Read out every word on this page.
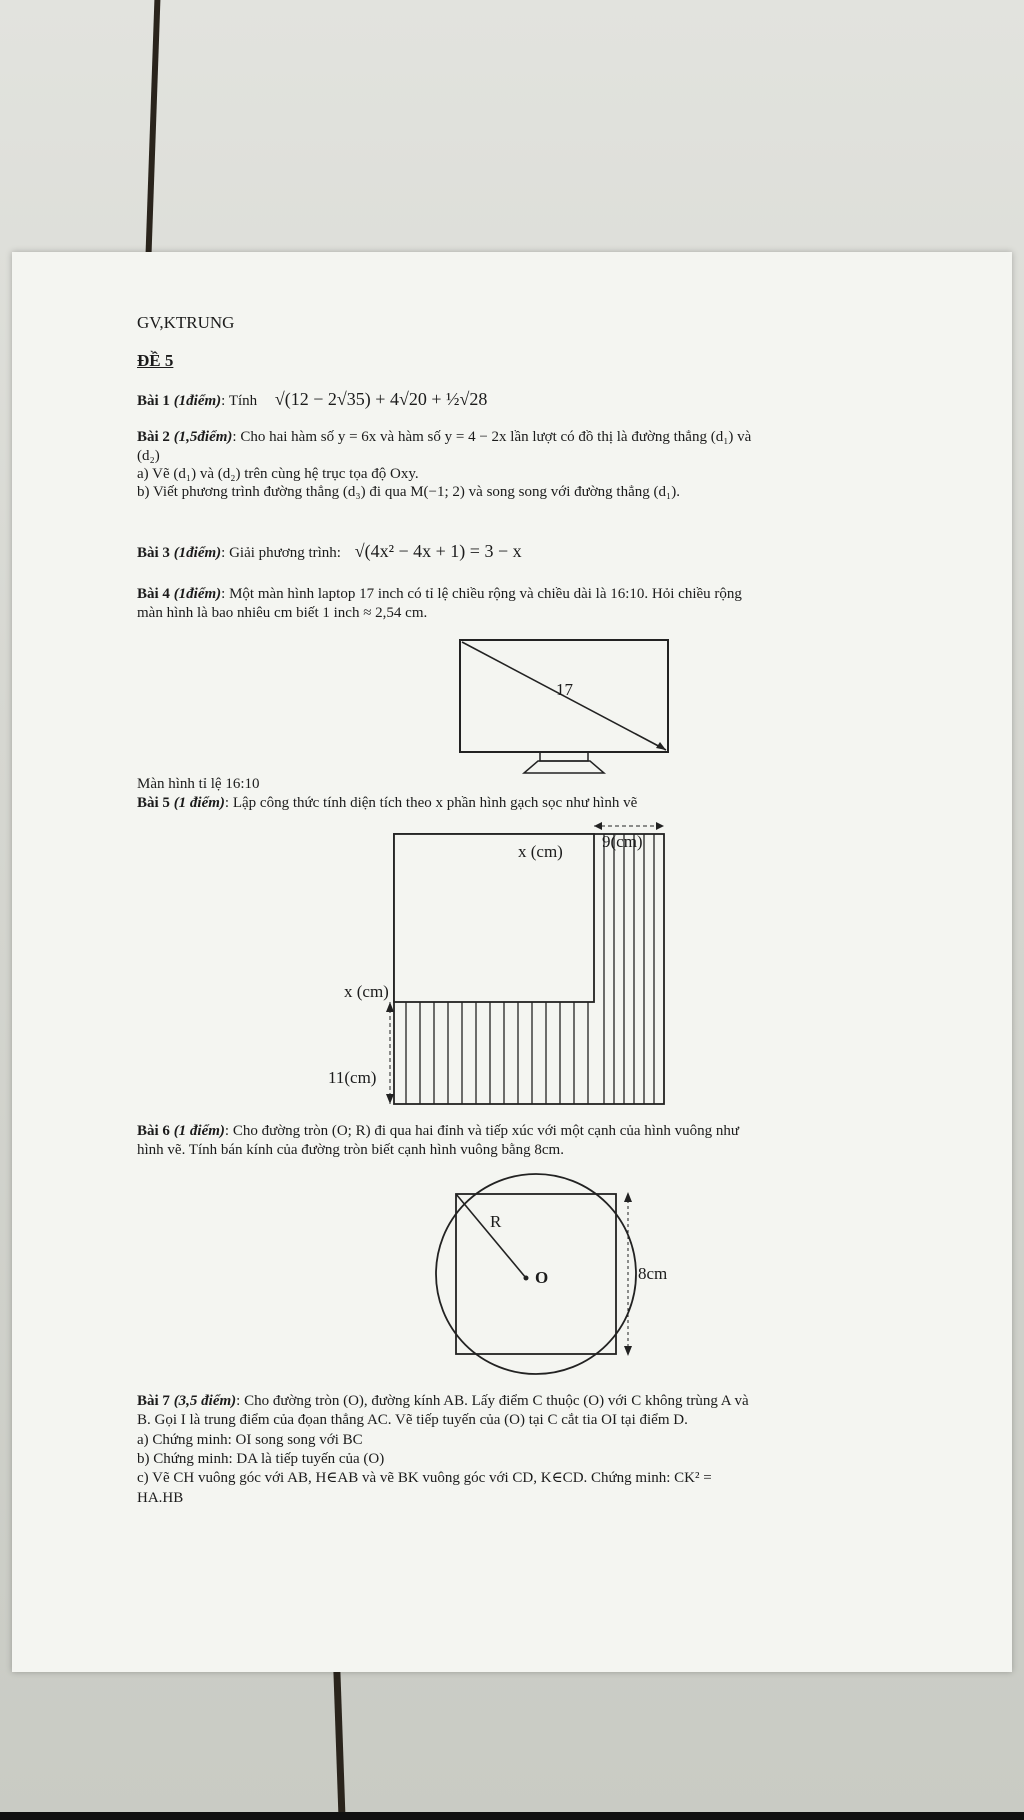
GV,KTRUNG
ĐỀ 5
Bài 1 (1điểm): Tính √(12 − 2√35) + 4√20 + ½√28
Bài 2 (1,5điểm): Cho hai hàm số y = 6x và hàm số y = 4 − 2x lần lượt có đồ thị là đường thẳng (d₁) và
(d₂)
a) Vẽ (d₁) và (d₂) trên cùng hệ trục tọa độ Oxy.
b) Viết phương trình đường thẳng (d₃) đi qua M(−1; 2) và song song với đường thẳng (d₁).
Bài 3 (1điểm): Giải phương trình: √(4x² − 4x + 1) = 3 − x
Bài 4 (1điểm): Một màn hình laptop 17 inch có tỉ lệ chiều rộng và chiều dài là 16:10. Hỏi chiều rộng
màn hình là bao nhiêu cm biết 1 inch ≈ 2,54 cm.
17
Màn hình tỉ lệ 16:10
Bài 5 (1 điểm): Lập công thức tính diện tích theo x phần hình gạch sọc như hình vẽ
x (cm)
9(cm)
x (cm)
11(cm)
Bài 6 (1 điểm): Cho đường tròn (O; R) đi qua hai đỉnh và tiếp xúc với một cạnh của hình vuông như
hình vẽ. Tính bán kính của đường tròn biết cạnh hình vuông bằng 8cm.
R
O	8cm
Bài 7 (3,5 điểm): Cho đường tròn (O), đường kính AB. Lấy điểm C thuộc (O) với C không trùng A và
B. Gọi I là trung điểm của đọan thẳng AC. Vẽ tiếp tuyến của (O) tại C cắt tia OI tại điểm D.
a) Chứng minh: OI song song với BC
b) Chứng minh: DA là tiếp tuyến của (O)
c) Vẽ CH vuông góc với AB, H∈AB và vẽ BK vuông góc với CD, K∈CD. Chứng minh: CK² =
HA.HB
